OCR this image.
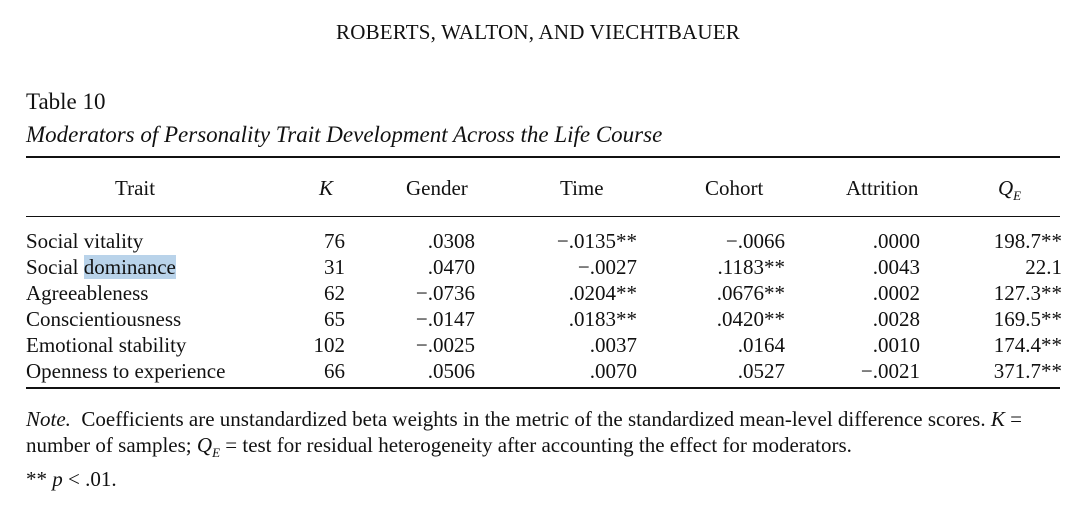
ROBERTS, WALTON, AND VIECHTBAUER
Table 10
Moderators of Personality Trait Development Across the Life Course
Trait	K	Gender	Time	Cohort	Attrition	$Q_E$
Social vitality	76	.0308	−.0135**	−.0066	.0000	198.7**
Social dominance	31	.0470	−.0027	.1183**	.0043	22.1
Agreeableness	62	−.0736	.0204**	.0676**	.0002	127.3**
Conscientiousness	65	−.0147	.0183**	.0420**	.0028	169.5**
Emotional stability	102	−.0025	.0037	.0164	.0010	174.4**
Openness to experience	66	.0506	.0070	.0527	−.0021	371.7**
Note. Coefficients are unstandardized beta weights in the metric of the standardized mean-level difference scores. K = number of samples; $Q_E$ = test for residual heterogeneity after accounting the effect for moderators.
** p < .01.
